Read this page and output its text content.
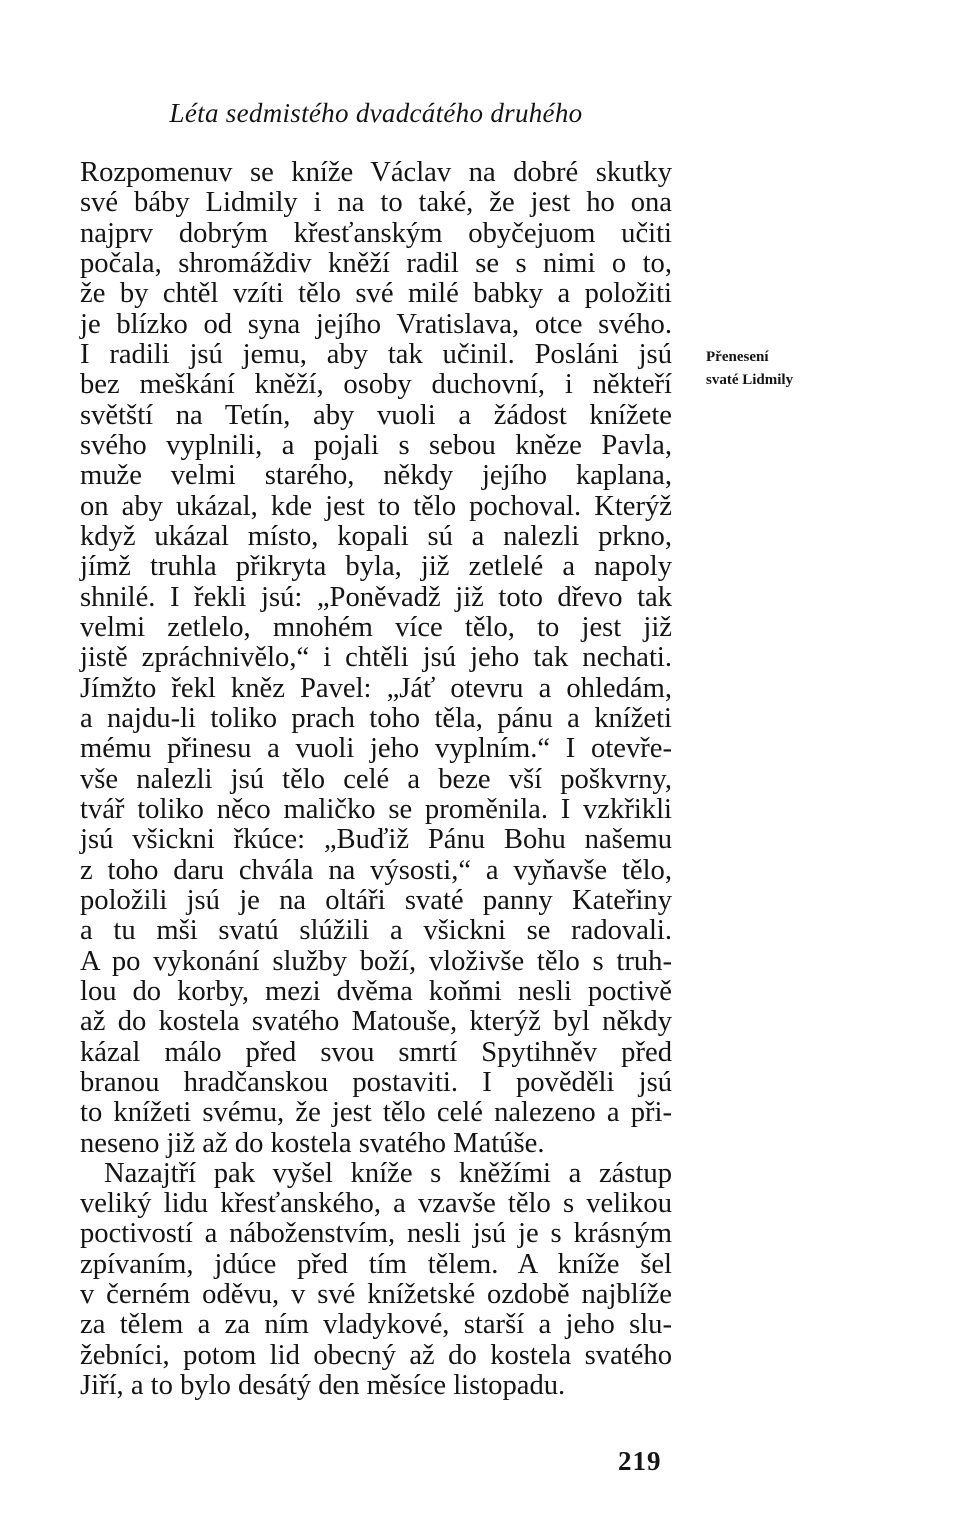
Léta sedmistého dvadcátého druhého
Rozpomenuv se kníže Václav na dobré skutky
své báby Lidmily i na to také, že jest ho ona
najprv dobrým křesťanským obyčejuom učiti
počala, shromáždiv kněží radil se s nimi o to,
že by chtěl vzíti tělo své milé babky a položiti
je blízko od syna jejího Vratislava, otce svého.
I radili jsú jemu, aby tak učinil. Posláni jsú
bez meškání kněží, osoby duchovní, i někteří
světští na Tetín, aby vuoli a žádost knížete
svého vyplnili, a pojali s sebou kněze Pavla,
muže velmi starého, někdy jejího kaplana,
on aby ukázal, kde jest to tělo pochoval. Kterýž
když ukázal místo, kopali sú a nalezli prkno,
jímž truhla přikryta byla, již zetlelé a napoly
shnilé. I řekli jsú: „Poněvadž již toto dřevo tak
velmi zetlelo, mnohém více tělo, to jest již
jistě zpráchnivělo,“ i chtěli jsú jeho tak nechati.
Jímžto řekl kněz Pavel: „Jáť otevru a ohledám,
a najdu-li toliko prach toho těla, pánu a knížeti
mému přinesu a vuoli jeho vyplním.“ I otevře-
vše nalezli jsú tělo celé a beze vší poškvrny,
tvář toliko něco maličko se proměnila. I vzkřikli
jsú všickni řkúce: „Buďiž Pánu Bohu našemu
z toho daru chvála na výsosti,“ a vyňavše tělo,
položili jsú je na oltáři svaté panny Kateřiny
a tu mši svatú slúžili a všickni se radovali.
A po vykonání služby boží, vloživše tělo s truh-
lou do korby, mezi dvěma koňmi nesli poctivě
až do kostela svatého Matouše, kterýž byl někdy
kázal málo před svou smrtí Spytihněv před
branou hradčanskou postaviti. I pověděli jsú
to knížeti svému, že jest tělo celé nalezeno a při-
neseno již až do kostela svatého Matúše.
Nazajtří pak vyšel kníže s kněžími a zástup
veliký lidu křesťanského, a vzavše tělo s velikou
poctivostí a náboženstvím, nesli jsú je s krásným
zpívaním, jdúce před tím tělem. A kníže šel
v černém oděvu, v své knížetské ozdobě najblíže
za tělem a za ním vladykové, starší a jeho slu-
žebníci, potom lid obecný až do kostela svatého
Jiří, a to bylo desátý den měsíce listopadu.
Přenesení
svaté Lidmily
219
